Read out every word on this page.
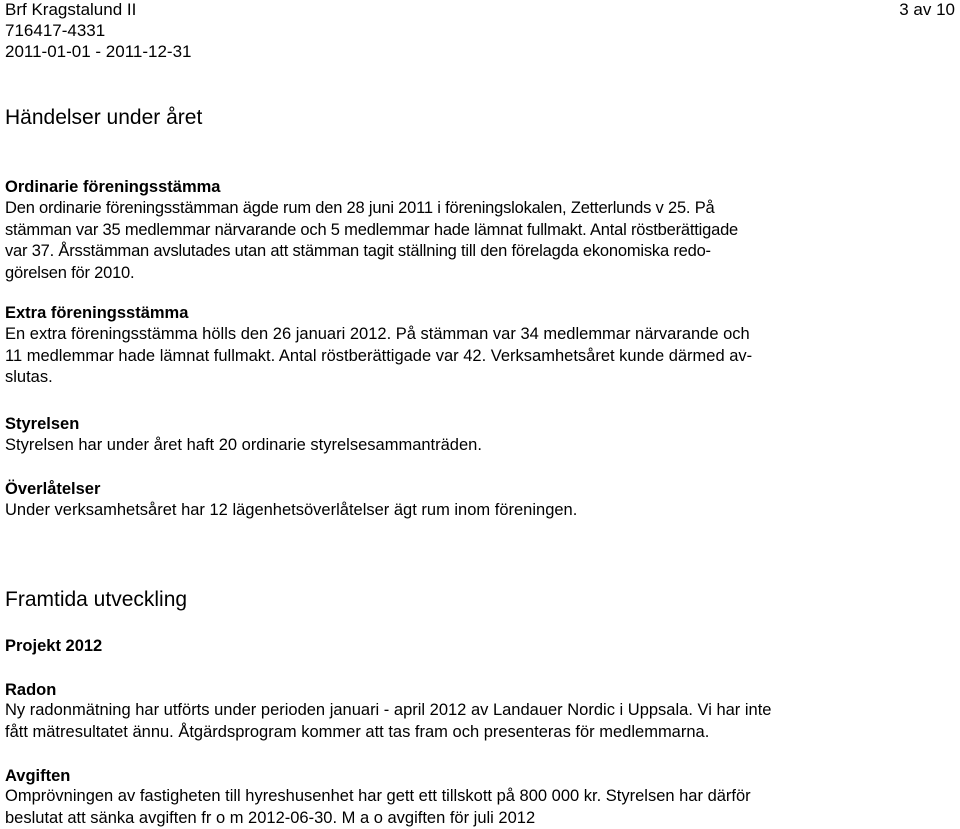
Brf Kragstalund II
716417-4331
2011-01-01 - 2011-12-31
3 av 10
Händelser under året
Ordinarie föreningsstämma
Den ordinarie föreningsstämman ägde rum den 28 juni 2011 i föreningslokalen, Zetterlunds v 25. På
stämman var 35 medlemmar närvarande och 5 medlemmar hade lämnat fullmakt. Antal röstberättigade
var 37. Årsstämman avslutades utan att stämman tagit ställning till den förelagda ekonomiska redo-
görelsen för 2010.
Extra föreningsstämma
En extra föreningsstämma hölls den 26 januari 2012. På stämman var 34 medlemmar närvarande och
11 medlemmar hade lämnat fullmakt. Antal röstberättigade var 42. Verksamhetsåret kunde därmed av-
slutas.
Styrelsen
Styrelsen har under året haft 20 ordinarie styrelsesammanträden.
Överlåtelser
Under verksamhetsåret har 12 lägenhetsöverlåtelser ägt rum inom föreningen.
Framtida utveckling
Projekt 2012
Radon
Ny radonmätning har utförts under perioden januari - april 2012 av Landauer Nordic i Uppsala. Vi har inte
fått mätresultatet ännu. Åtgärdsprogram kommer att tas fram och presenteras för medlemmarna.
Avgiften
Omprövningen av fastigheten till hyreshusenhet har gett ett tillskott på 800 000 kr. Styrelsen har därför
beslutat att sänka avgiften fr o m 2012-06-30. M a o avgiften för juli 2012
